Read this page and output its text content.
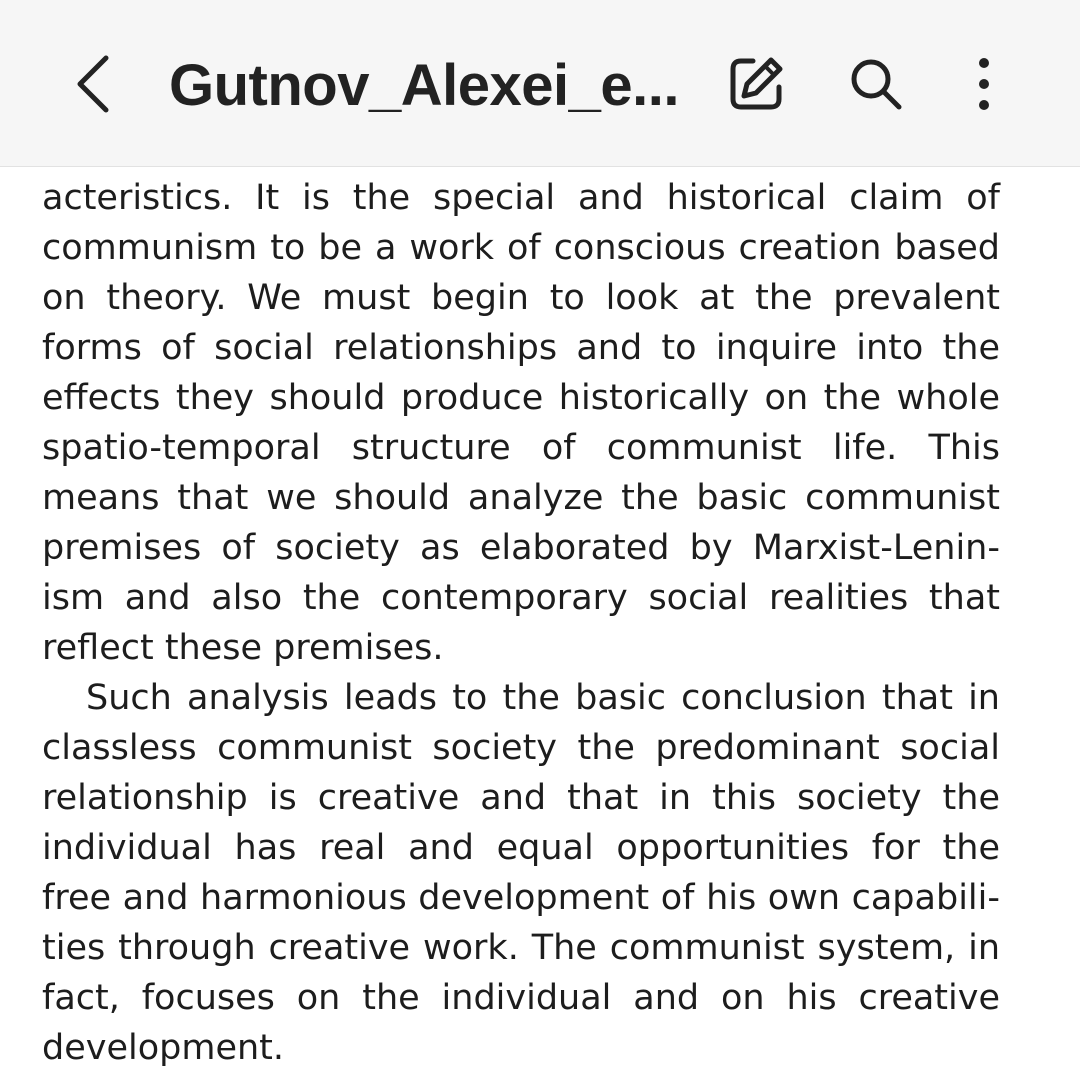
Gutnov_Alexei_e...
acteristics. It is the special and historical claim of
communism to be a work of conscious creation based
on theory. We must begin to look at the prevalent
forms of social relationships and to inquire into the
effects they should produce historically on the whole
spatio-temporal structure of communist life. This
means that we should analyze the basic communist
premises of society as elaborated by Marxist-Lenin-
ism and also the contemporary social realities that
reflect these premises.
Such analysis leads to the basic conclusion that in
classless communist society the predominant social
relationship is creative and that in this society the
individual has real and equal opportunities for the
free and harmonious development of his own capabili-
ties through creative work. The communist system, in
fact, focuses on the individual and on his creative
development.
